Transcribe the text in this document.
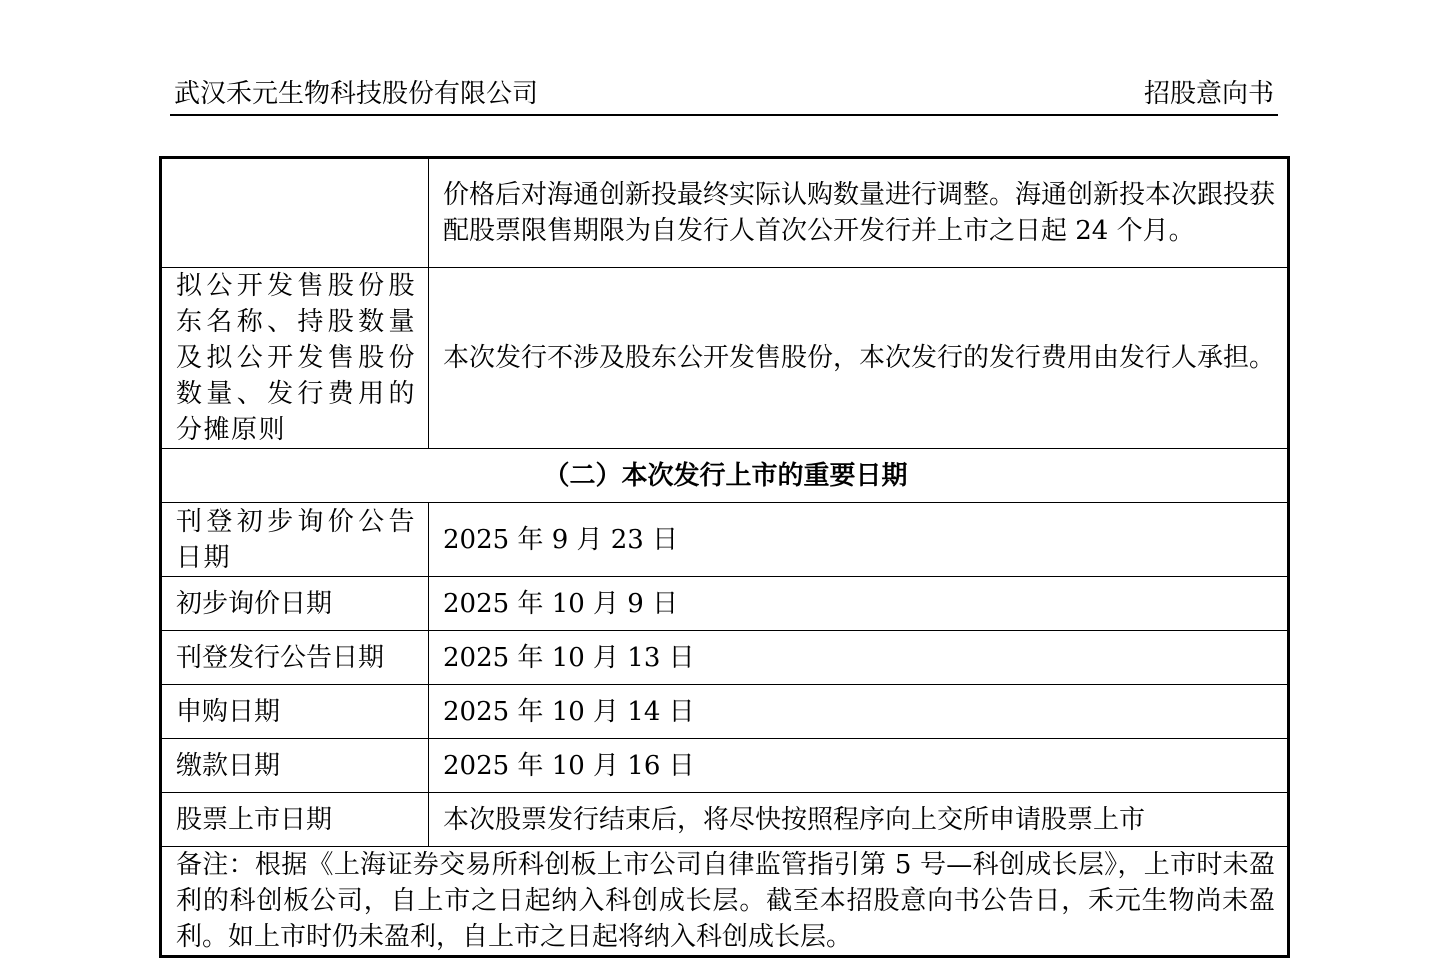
武汉禾元生物科技股份有限公司	招股意向书
	价格后对海通创新投最终实际认购数量进行调整。海通创新投本次跟投获配股票限售期限为自发行人首次公开发行并上市之日起 24 个月。
拟公开发售股份股东名称、持股数量及拟公开发售股份数量、发行费用的分摊原则	本次发行不涉及股东公开发售股份，本次发行的发行费用由发行人承担。
（二）本次发行上市的重要日期	
刊登初步询价公告日期	2025 年 9 月 23 日
初步询价日期	2025 年 10 月 9 日
刊登发行公告日期	2025 年 10 月 13 日
申购日期	2025 年 10 月 14 日
缴款日期	2025 年 10 月 16 日
股票上市日期	本次股票发行结束后，将尽快按照程序向上交所申请股票上市
备注：根据《上海证券交易所科创板上市公司自律监管指引第 5 号—科创成长层》，上市时未盈利的科创板公司，自上市之日起纳入科创成长层。截至本招股意向书公告日，禾元生物尚未盈利。如上市时仍未盈利，自上市之日起将纳入科创成长层。	
